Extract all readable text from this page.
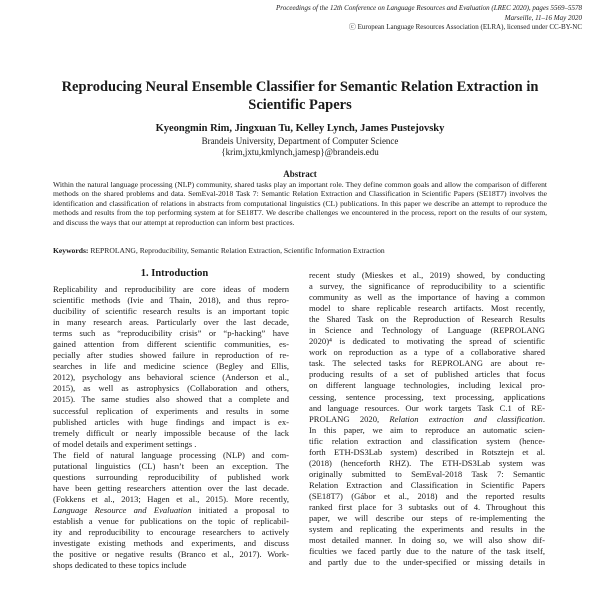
Proceedings of the 12th Conference on Language Resources and Evaluation (LREC 2020), pages 5569–5578
Marseille, 11–16 May 2020
ⓒ European Language Resources Association (ELRA), licensed under CC-BY-NC
Reproducing Neural Ensemble Classifier for Semantic Relation Extraction in
Scientific Papers
Kyeongmin Rim, Jingxuan Tu, Kelley Lynch, James Pustejovsky
Brandeis University, Department of Computer Science
{krim,jxtu,kmlynch,jamesp}@brandeis.edu
Abstract
Within the natural language processing (NLP) community, shared tasks play an important role. They define common goals and allow the comparison of different methods on the shared problems and data. SemEval-2018 Task 7: Semantic Relation Extraction and Classification in Scientific Papers (SE18T7) involves the identification and classification of relations in abstracts from computational linguistics (CL) publications. In this paper we describe an attempt to reproduce the methods and results from the top performing system at for SE18T7. We describe challenges we encountered in the process, report on the results of our system, and discuss the ways that our attempt at reproduction can inform best practices.
Keywords: REPROLANG, Reproducibility, Semantic Relation Extraction, Scientific Information Extraction
1. Introduction
Replicability and reproducibility are core ideas of modern
scientific methods (Ivie and Thain, 2018), and thus repro-
ducibility of scientific research results is an important topic
in many research areas. Particularly over the last decade,
terms such as “reproducibility crisis” or “p-hacking” have
gained attention from different scientific communities, es-
pecially after studies showed failure in reproduction of re-
searches in life and medicine science (Begley and Ellis,
2012), psychology ans behavioral science (Anderson et al.,
2015), as well as astrophysics (Collaboration and others,
2015). The same studies also showed that a complete and
successful replication of experiments and results in some
published articles with huge findings and impact is ex-
tremely difficult or nearly impossible because of the lack
of model details and experiment settings .
The field of natural language processing (NLP) and com-
putational linguistics (CL) hasn’t been an exception. The
questions surrounding reproducibility of published work
have been getting researchers attention over the last decade.
(Fokkens et al., 2013; Hagen et al., 2015). More recently,
Language Resource and Evaluation initiated a proposal to
establish a venue for publications on the topic of replicabil-
ity and reproducibility to encourage researchers to actively
investigate existing methods and experiments, and discuss
the positive or negative results (Branco et al., 2017). Work-
shops dedicated to these topics include
recent study (Mieskes et al., 2019) showed, by conducting
a survey, the significance of reproducibility to a scientific
community as well as the importance of having a common
model to share replicable research artifacts. Most recently,
the Shared Task on the Reproduction of Research Results
in Science and Technology of Language (REPROLANG
2020)⁴ is dedicated to motivating the spread of scientific
work on reproduction as a type of a collaborative shared
task. The selected tasks for REPROLANG are about re-
producing results of a set of published articles that focus
on different language technologies, including lexical pro-
cessing, sentence processing, text processing, applications
and language resources. Our work targets Task C.1 of RE-
PROLANG 2020, Relation extraction and classification.
In this paper, we aim to reproduce an automatic scien-
tific relation extraction and classification system (hence-
forth ETH-DS3Lab system) described in Rotsztejn et al.
(2018) (henceforth RHZ). The ETH-DS3Lab system was
originally submitted to SemEval-2018 Task 7: Semantic
Relation Extraction and Classification in Scientific Papers
(SE18T7) (Gábor et al., 2018) and the reported results
ranked first place for 3 subtasks out of 4. Throughout this
paper, we will describe our steps of re-implementing the
system and replicating the experiments and results in the
most detailed manner. In doing so, we will also show dif-
ficulties we faced partly due to the nature of the task itself,
and partly due to the under-specified or missing details in
